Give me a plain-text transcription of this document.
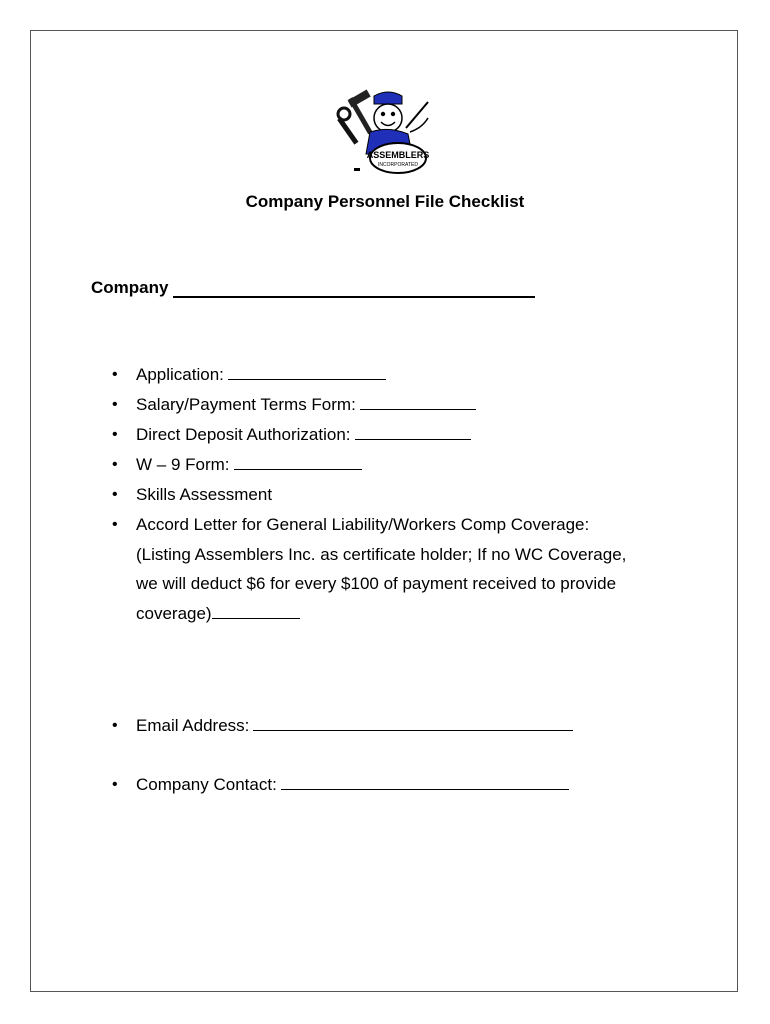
ASSEMBLERS
INCORPORATED
Company Personnel File Checklist
Company
• Application:
• Salary/Payment Terms Form:
• Direct Deposit Authorization:
• W – 9 Form:
• Skills Assessment
• Accord Letter for General Liability/Workers Comp Coverage:
(Listing Assemblers Inc. as certificate holder; If no WC Coverage,
we will deduct $6 for every $100 of payment received to provide
coverage)
• Email Address:
• Company Contact:
